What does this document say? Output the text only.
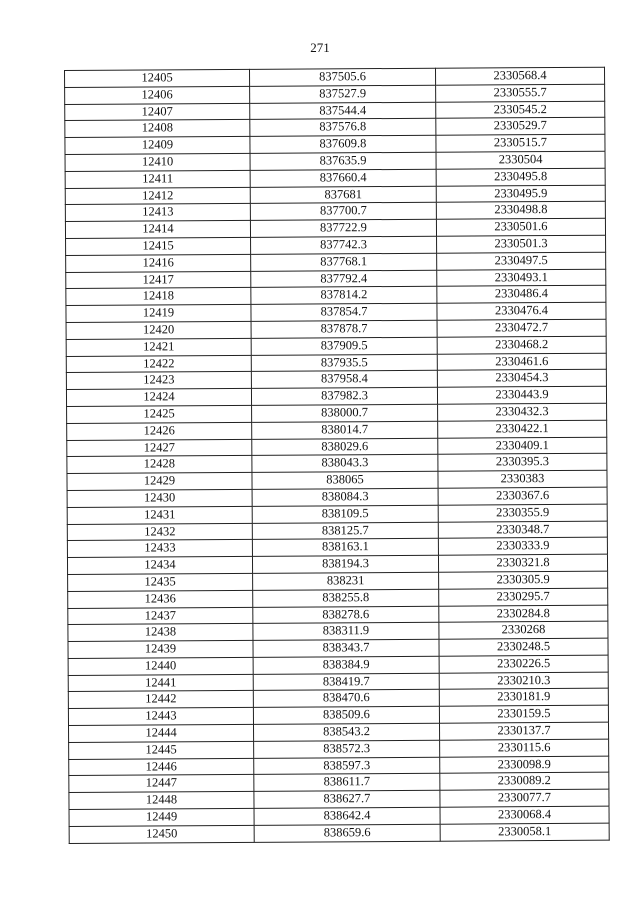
271
12405	837505.6	2330568.4
12406	837527.9	2330555.7
12407	837544.4	2330545.2
12408	837576.8	2330529.7
12409	837609.8	2330515.7
12410	837635.9	2330504
12411	837660.4	2330495.8
12412	837681	2330495.9
12413	837700.7	2330498.8
12414	837722.9	2330501.6
12415	837742.3	2330501.3
12416	837768.1	2330497.5
12417	837792.4	2330493.1
12418	837814.2	2330486.4
12419	837854.7	2330476.4
12420	837878.7	2330472.7
12421	837909.5	2330468.2
12422	837935.5	2330461.6
12423	837958.4	2330454.3
12424	837982.3	2330443.9
12425	838000.7	2330432.3
12426	838014.7	2330422.1
12427	838029.6	2330409.1
12428	838043.3	2330395.3
12429	838065	2330383
12430	838084.3	2330367.6
12431	838109.5	2330355.9
12432	838125.7	2330348.7
12433	838163.1	2330333.9
12434	838194.3	2330321.8
12435	838231	2330305.9
12436	838255.8	2330295.7
12437	838278.6	2330284.8
12438	838311.9	2330268
12439	838343.7	2330248.5
12440	838384.9	2330226.5
12441	838419.7	2330210.3
12442	838470.6	2330181.9
12443	838509.6	2330159.5
12444	838543.2	2330137.7
12445	838572.3	2330115.6
12446	838597.3	2330098.9
12447	838611.7	2330089.2
12448	838627.7	2330077.7
12449	838642.4	2330068.4
12450	838659.6	2330058.1
